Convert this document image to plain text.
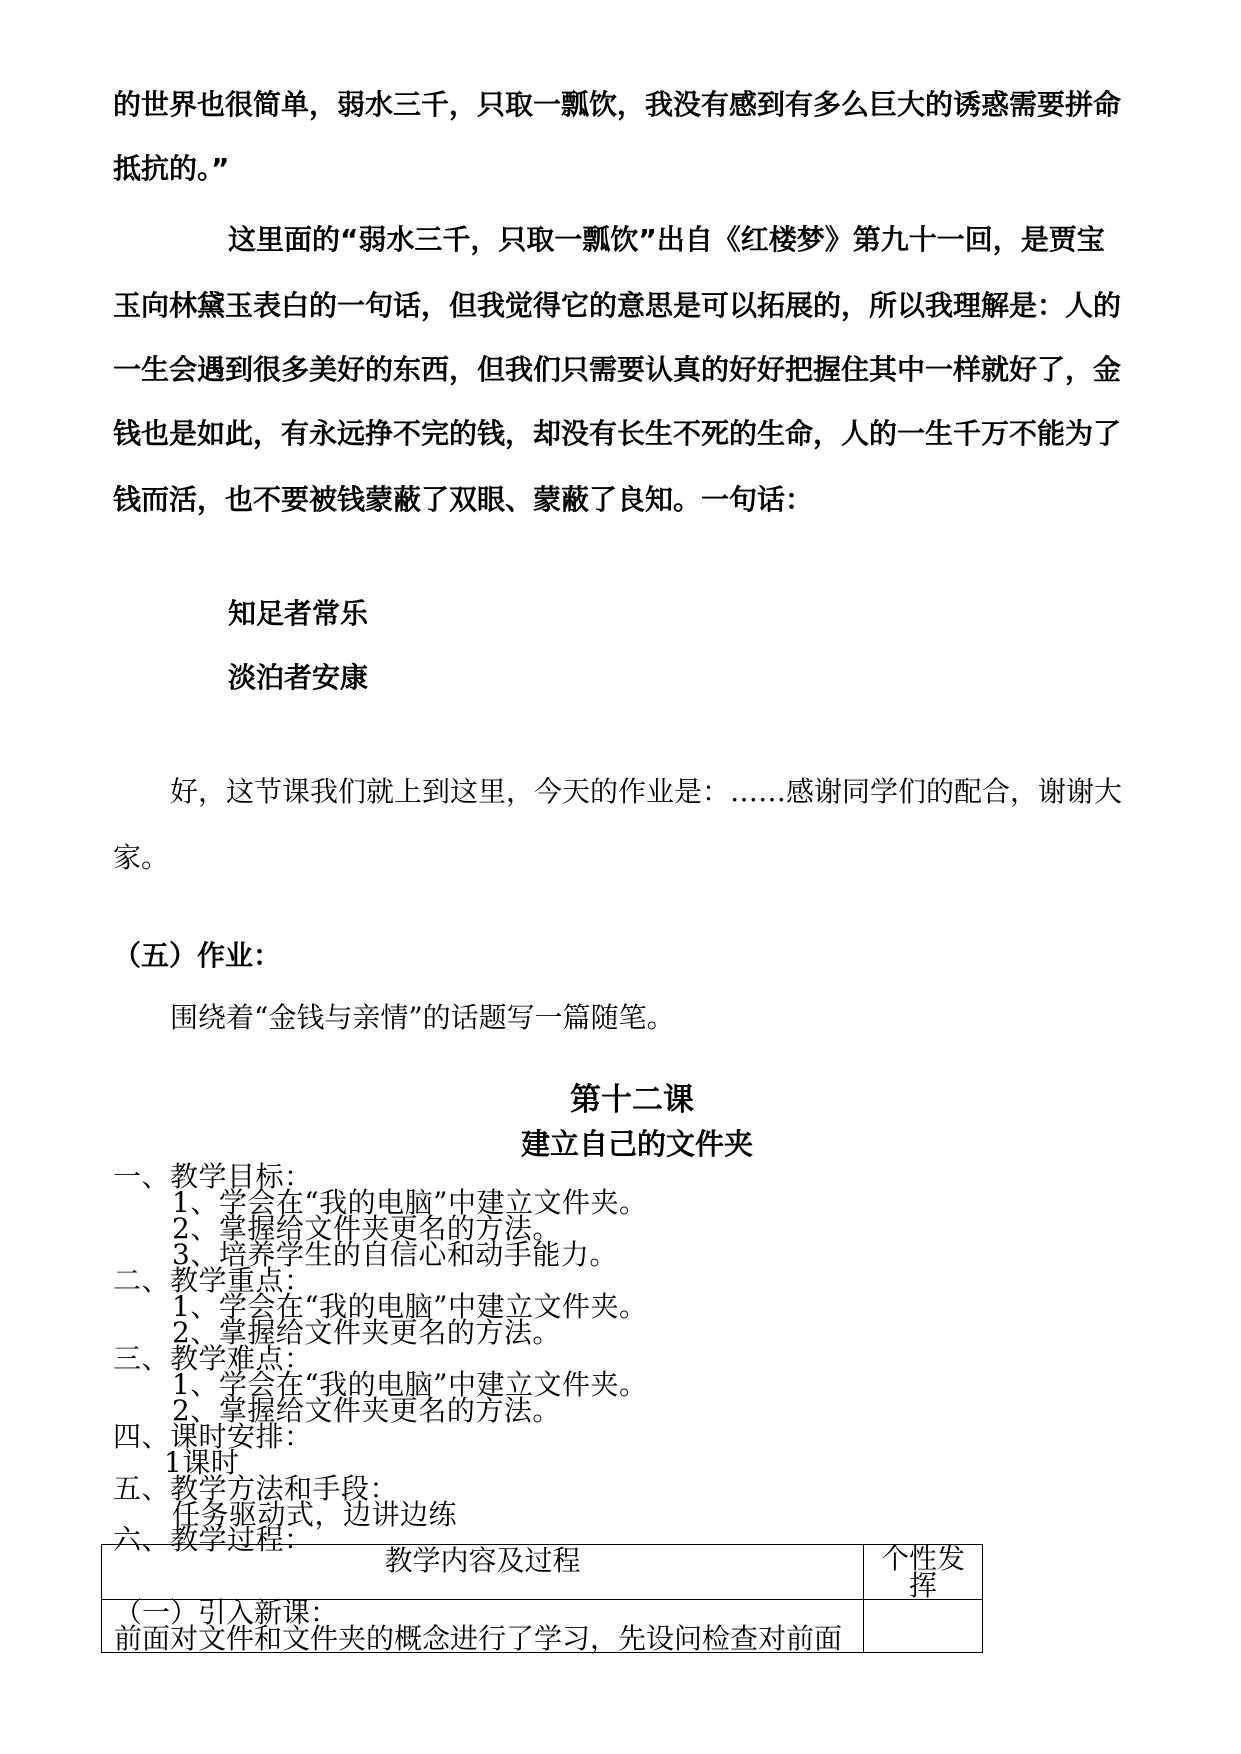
的世界也很简单，弱水三千，只取一瓢饮，我没有感到有多么巨大的诱惑需要拼命
抵抗的。”
这里面的“弱水三千，只取一瓢饮”出自《红楼梦》第九十一回，是贾宝
玉向林黛玉表白的一句话，但我觉得它的意思是可以拓展的，所以我理解是：人的
一生会遇到很多美好的东西，但我们只需要认真的好好把握住其中一样就好了，金
钱也是如此，有永远挣不完的钱，却没有长生不死的生命，人的一生千万不能为了
钱而活，也不要被钱蒙蔽了双眼、蒙蔽了良知。一句话：
知足者常乐
淡泊者安康
好，这节课我们就上到这里，今天的作业是：……感谢同学们的配合，谢谢大
家。
（五）作业：
围绕着“金钱与亲情”的话题写一篇随笔。
第十二课
建立自己的文件夹
一、教学目标：
1、学会在“我的电脑”中建立文件夹。
2、掌握给文件夹更名的方法。
3、培养学生的自信心和动手能力。
二、教学重点：
1、学会在“我的电脑”中建立文件夹。
2、掌握给文件夹更名的方法。
三、教学难点：
1、学会在“我的电脑”中建立文件夹。
2、掌握给文件夹更名的方法。
四、课时安排：
1课时
五、教学方法和手段：
任务驱动式，边讲边练
六、教学过程：
教学内容及过程	个性发
挥

（一）引入新课：
前面对文件和文件夹的概念进行了学习，先设问检查对前面	
